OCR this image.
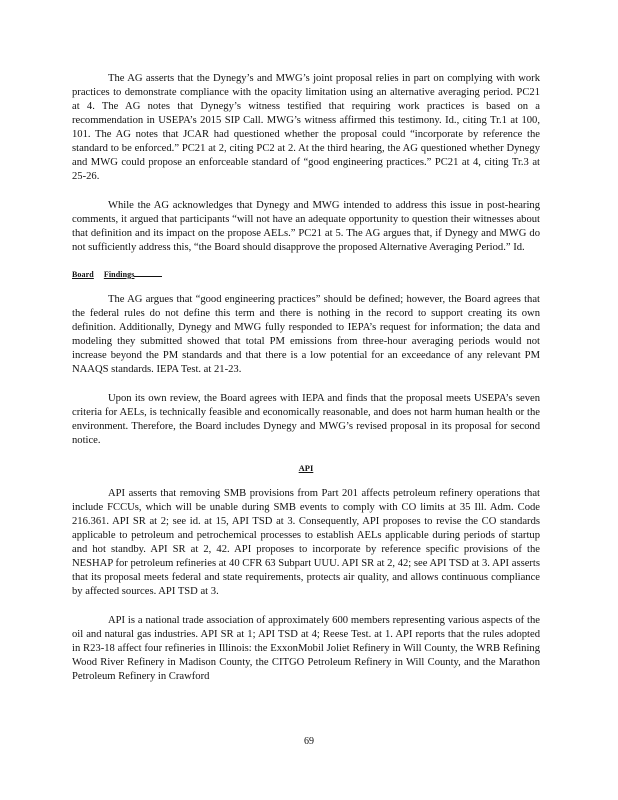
The AG asserts that the Dynegy’s and MWG’s joint proposal relies in part on complying with work practices to demonstrate compliance with the opacity limitation using an alternative averaging period. PC21 at 4. The AG notes that Dynegy’s witness testified that requiring work practices is based on a recommendation in USEPA’s 2015 SIP Call. MWG’s witness affirmed this testimony. Id., citing Tr.1 at 100, 101. The AG notes that JCAR had questioned whether the proposal could “incorporate by reference the standard to be enforced.” PC21 at 2, citing PC2 at 2. At the third hearing, the AG questioned whether Dynegy and MWG could propose an enforceable standard of “good engineering practices.” PC21 at 4, citing Tr.3 at 25-26.

While the AG acknowledges that Dynegy and MWG intended to address this issue in post-hearing comments, it argued that participants “will not have an adequate opportunity to question their witnesses about that definition and its impact on the propose AELs.” PC21 at 5. The AG argues that, if Dynegy and MWG do not sufficiently address this, “the Board should disapprove the proposed Alternative Averaging Period.” Id.

Board Findings

The AG argues that “good engineering practices” should be defined; however, the Board agrees that the federal rules do not define this term and there is nothing in the record to support creating its own definition. Additionally, Dynegy and MWG fully responded to IEPA’s request for information; the data and modeling they submitted showed that total PM emissions from three-hour averaging periods would not increase beyond the PM standards and that there is a low potential for an exceedance of any relevant PM NAAQS standards. IEPA Test. at 21-23.

Upon its own review, the Board agrees with IEPA and finds that the proposal meets USEPA’s seven criteria for AELs, is technically feasible and economically reasonable, and does not harm human health or the environment. Therefore, the Board includes Dynegy and MWG’s revised proposal in its proposal for second notice.

API

API asserts that removing SMB provisions from Part 201 affects petroleum refinery operations that include FCCUs, which will be unable during SMB events to comply with CO limits at 35 Ill. Adm. Code 216.361. API SR at 2; see id. at 15, API TSD at 3. Consequently, API proposes to revise the CO standards applicable to petroleum and petrochemical processes to establish AELs applicable during periods of startup and hot standby. API SR at 2, 42. API proposes to incorporate by reference specific provisions of the NESHAP for petroleum refineries at 40 CFR 63 Subpart UUU. API SR at 2, 42; see API TSD at 3. API asserts that its proposal meets federal and state requirements, protects air quality, and allows continuous compliance by affected sources. API TSD at 3.

API is a national trade association of approximately 600 members representing various aspects of the oil and natural gas industries. API SR at 1; API TSD at 4; Reese Test. at 1. API reports that the rules adopted in R23-18 affect four refineries in Illinois: the ExxonMobil Joliet Refinery in Will County, the WRB Refining Wood River Refinery in Madison County, the CITGO Petroleum Refinery in Will County, and the Marathon Petroleum Refinery in Crawford

69
